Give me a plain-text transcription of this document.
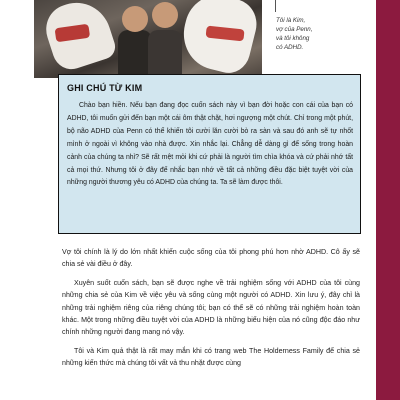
Tôi là Kim,
vợ của Penn,
và tôi không
có ADHD.
GHI CHÚ TỪ KIM

Chào bạn hiền. Nếu bạn đang đọc cuốn sách này vì bạn đời hoặc con cái của bạn có ADHD, tôi muốn gửi đến bạn một cái ôm thật chặt, hơi ngượng một chút. Chỉ trong một phút, bộ não ADHD của Penn có thể khiến tôi cười lăn cười bò ra sàn và sau đó anh sẽ tự nhốt mình ở ngoài vì không vào nhà được. Xin nhắc lại. Chẳng dễ dàng gì để sống trong hoàn cảnh của chúng ta nhỉ? Sẽ rất mệt mỏi khi cứ phải là người tìm chìa khóa và cứ phải nhớ tất cả mọi thứ. Nhưng tôi ở đây để nhắc bạn nhớ về tất cả những điều đặc biệt tuyệt vời của những người thương yêu có ADHD của chúng ta. Ta sẽ làm được thôi.

Vợ tôi chính là lý do lớn nhất khiến cuộc sống của tôi phong phú hơn nhờ ADHD. Cô ấy sẽ chia sẻ vài điều ở đây.

Xuyên suốt cuốn sách, bạn sẽ được nghe về trải nghiệm sống với ADHD của tôi cùng những chia sẻ của Kim về việc yêu và sống cùng một người có ADHD. Xin lưu ý, đây chỉ là những trải nghiệm riêng của riêng chúng tôi; bạn có thể sẽ có những trải nghiệm hoàn toàn khác. Một trong những điều tuyệt vời của ADHD là những biểu hiện của nó cũng độc đáo như chính những người đang mang nó vậy.

Tôi và Kim quả thật là rất may mắn khi có trang web The Holderness Family để chia sẻ những kiến thức mà chúng tôi vất vả thu nhặt được cùng
